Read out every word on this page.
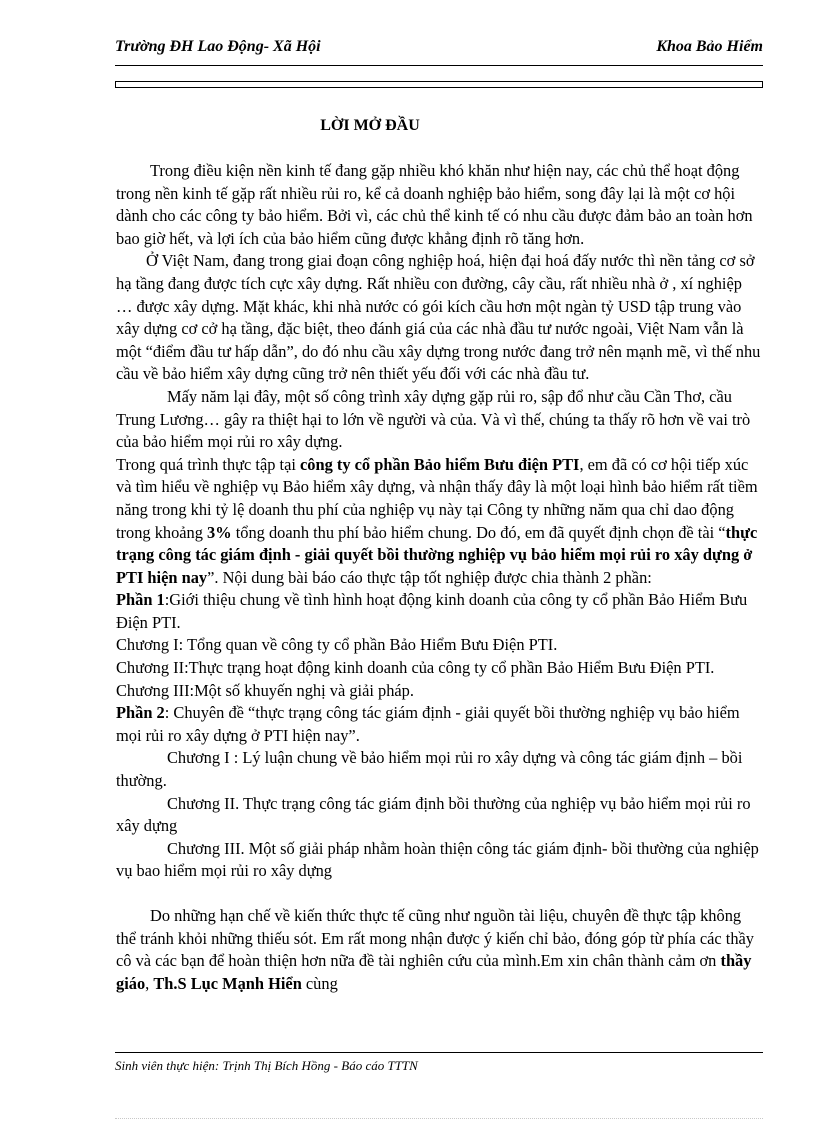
Trường ĐH Lao Động- Xã Hội	Khoa Bảo Hiểm
LỜI MỞ ĐẦU

Trong điều kiện nền kinh tế đang gặp nhiều khó khăn như hiện nay, các chủ thể hoạt động trong nền kinh tế gặp rất nhiều rủi ro, kể cả doanh nghiệp bảo hiểm, song đây lại là một cơ hội dành cho các công ty bảo hiểm. Bởi vì, các chủ thể kinh tế có nhu cầu được đảm bảo an toàn hơn bao giờ hết, và lợi ích của bảo hiểm cũng được khẳng định rõ tăng hơn.

Ở Việt Nam, đang trong giai đoạn công nghiệp hoá, hiện đại hoá đấy nước thì nền tảng cơ sở hạ tầng đang được tích cực xây dựng. Rất nhiều con đường, cây cầu, rất nhiều nhà ở , xí nghiệp … được xây dựng. Mặt khác, khi nhà nước có gói kích cầu hơn một ngàn tỷ USD tập trung vào xây dựng cơ cở hạ tầng, đặc biệt, theo đánh giá của các nhà đầu tư nước ngoài, Việt Nam vẫn là một “điểm đầu tư hấp dẫn”, do đó nhu cầu xây dựng trong nước đang trở nên mạnh mẽ, vì thế nhu cầu về bảo hiểm xây dựng cũng trở nên thiết yếu đối với các nhà đầu tư.

Mấy năm lại đây, một số công trình xây dựng gặp rủi ro, sập đổ như cầu Cần Thơ, cầu Trung Lương… gây ra thiệt hại to lớn về người và của. Và vì thế, chúng ta thấy rõ hơn về vai trò của bảo hiểm mọi rủi ro xây dựng.

Trong quá trình thực tập tại công ty cổ phần Bảo hiểm Bưu điện PTI, em đã có cơ hội tiếp xúc và tìm hiểu về nghiệp vụ Bảo hiểm xây dựng, và nhận thấy đây là một loại hình bảo hiểm rất tiềm năng trong khi tỷ lệ doanh thu phí của nghiệp vụ này tại Công ty những năm qua chỉ dao động trong khoảng 3% tổng doanh thu phí bảo hiểm chung. Do đó, em đã quyết định chọn đề tài “thực trạng công tác giám định - giải quyết bồi thường nghiệp vụ bảo hiểm mọi rủi ro xây dựng ở PTI hiện nay”. Nội dung bài báo cáo thực tập tốt nghiệp được chia thành 2 phần:

Phần 1:Giới thiệu chung về tình hình hoạt động kinh doanh của công ty cổ phần Bảo Hiểm Bưu Điện PTI.

Chương I: Tổng quan về công ty cổ phần Bảo Hiểm Bưu Điện PTI.

Chương II:Thực trạng hoạt động kinh doanh của công ty cổ phần Bảo Hiểm Bưu Điện PTI.

Chương III:Một số khuyến nghị và giải pháp.

Phần 2: Chuyên đề “thực trạng công tác giám định - giải quyết bồi thường nghiệp vụ bảo hiểm mọi rủi ro xây dựng ở PTI hiện nay”.

Chương I : Lý luận chung về bảo hiểm mọi rủi ro xây dựng và công tác giám định – bồi thường.

Chương II. Thực trạng công tác giám định bồi thường của nghiệp vụ bảo hiểm mọi rủi ro xây dựng

Chương III. Một số giải pháp nhằm hoàn thiện công tác giám định- bồi thường của nghiệp vụ bao hiểm mọi rủi ro xây dựng

Do những hạn chế về kiến thức thực tế cũng như nguồn tài liệu, chuyên đề thực tập không thể tránh khỏi những thiếu sót. Em rất mong nhận được ý kiến chỉ bảo, đóng góp từ phía các thầy cô và các bạn để hoàn thiện hơn nữa đề tài nghiên cứu của mình.Em xin chân thành cảm ơn thầy giáo, Th.S Lục Mạnh Hiển cùng

Sinh viên thực hiện: Trịnh Thị Bích Hồng - Báo cáo TTTN
